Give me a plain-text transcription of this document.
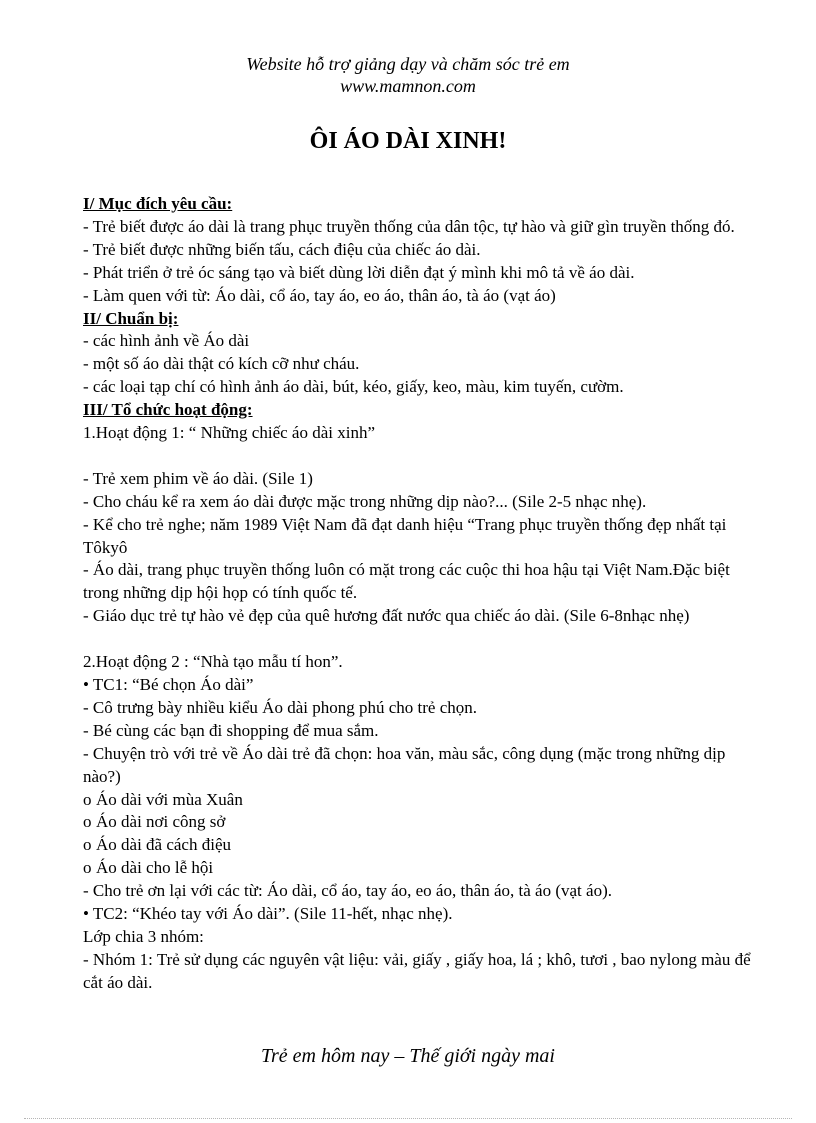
Website hỗ trợ giảng dạy và chăm sóc trẻ em
www.mamnon.com
ÔI ÁO DÀI XINH!

I/ Mục đích yêu cầu:

- Trẻ biết được áo dài là trang phục truyền thống của dân tộc, tự hào và giữ gìn truyền thống đó.

- Trẻ biết được những biến tấu, cách điệu của chiếc áo dài.

- Phát triển ở trẻ óc sáng tạo và biết dùng lời diễn đạt ý mình khi mô tả về áo dài.

- Làm quen với từ: Áo dài, cổ áo, tay áo, eo áo, thân áo, tà áo (vạt áo)

II/ Chuẩn bị:

- các hình ảnh về Áo dài

- một số áo dài thật có kích cỡ như cháu.

- các loại tạp chí có hình ảnh áo dài, bút, kéo, giấy, keo, màu, kim tuyến, cườm.

III/ Tổ chức hoạt động:

1.Hoạt động 1: “ Những chiếc áo dài xinh”

- Trẻ xem phim về áo dài. (Sile 1)

- Cho cháu kể ra xem áo dài được mặc trong những dịp nào?... (Sile 2-5 nhạc nhẹ).

- Kể cho trẻ nghe; năm 1989 Việt Nam đã đạt danh hiệu “Trang phục truyền thống đẹp nhất tại Tôkyô

- Áo dài, trang phục truyền thống luôn có mặt trong các cuộc thi hoa hậu tại Việt Nam.Đặc biệt trong những dịp hội họp có tính quốc tế.

- Giáo dục trẻ tự hào vẻ đẹp của quê hương đất nước qua chiếc áo dài. (Sile 6-8nhạc nhẹ)

2.Hoạt động 2 : “Nhà tạo mẫu tí hon”.

• TC1: “Bé chọn Áo dài”

- Cô trưng bày nhiều kiểu Áo dài phong phú cho trẻ chọn.

- Bé cùng các bạn đi shopping để mua sắm.

- Chuyện trò với trẻ về Áo dài trẻ đã chọn: hoa văn, màu sắc, công dụng (mặc trong những dịp nào?)

o Áo dài với mùa Xuân

o Áo dài nơi công sở

o Áo dài đã cách điệu

o Áo dài cho lễ hội

- Cho trẻ ơn lại với các từ: Áo dài, cổ áo, tay áo, eo áo, thân áo, tà áo (vạt áo).

• TC2: “Khéo tay với Áo dài”. (Sile 11-hết, nhạc nhẹ).

Lớp chia 3 nhóm:

- Nhóm 1: Trẻ sử dụng các nguyên vật liệu: vải, giấy , giấy hoa, lá ; khô, tươi , bao nylong màu để cắt áo dài.

Trẻ em hôm nay – Thế giới ngày mai
